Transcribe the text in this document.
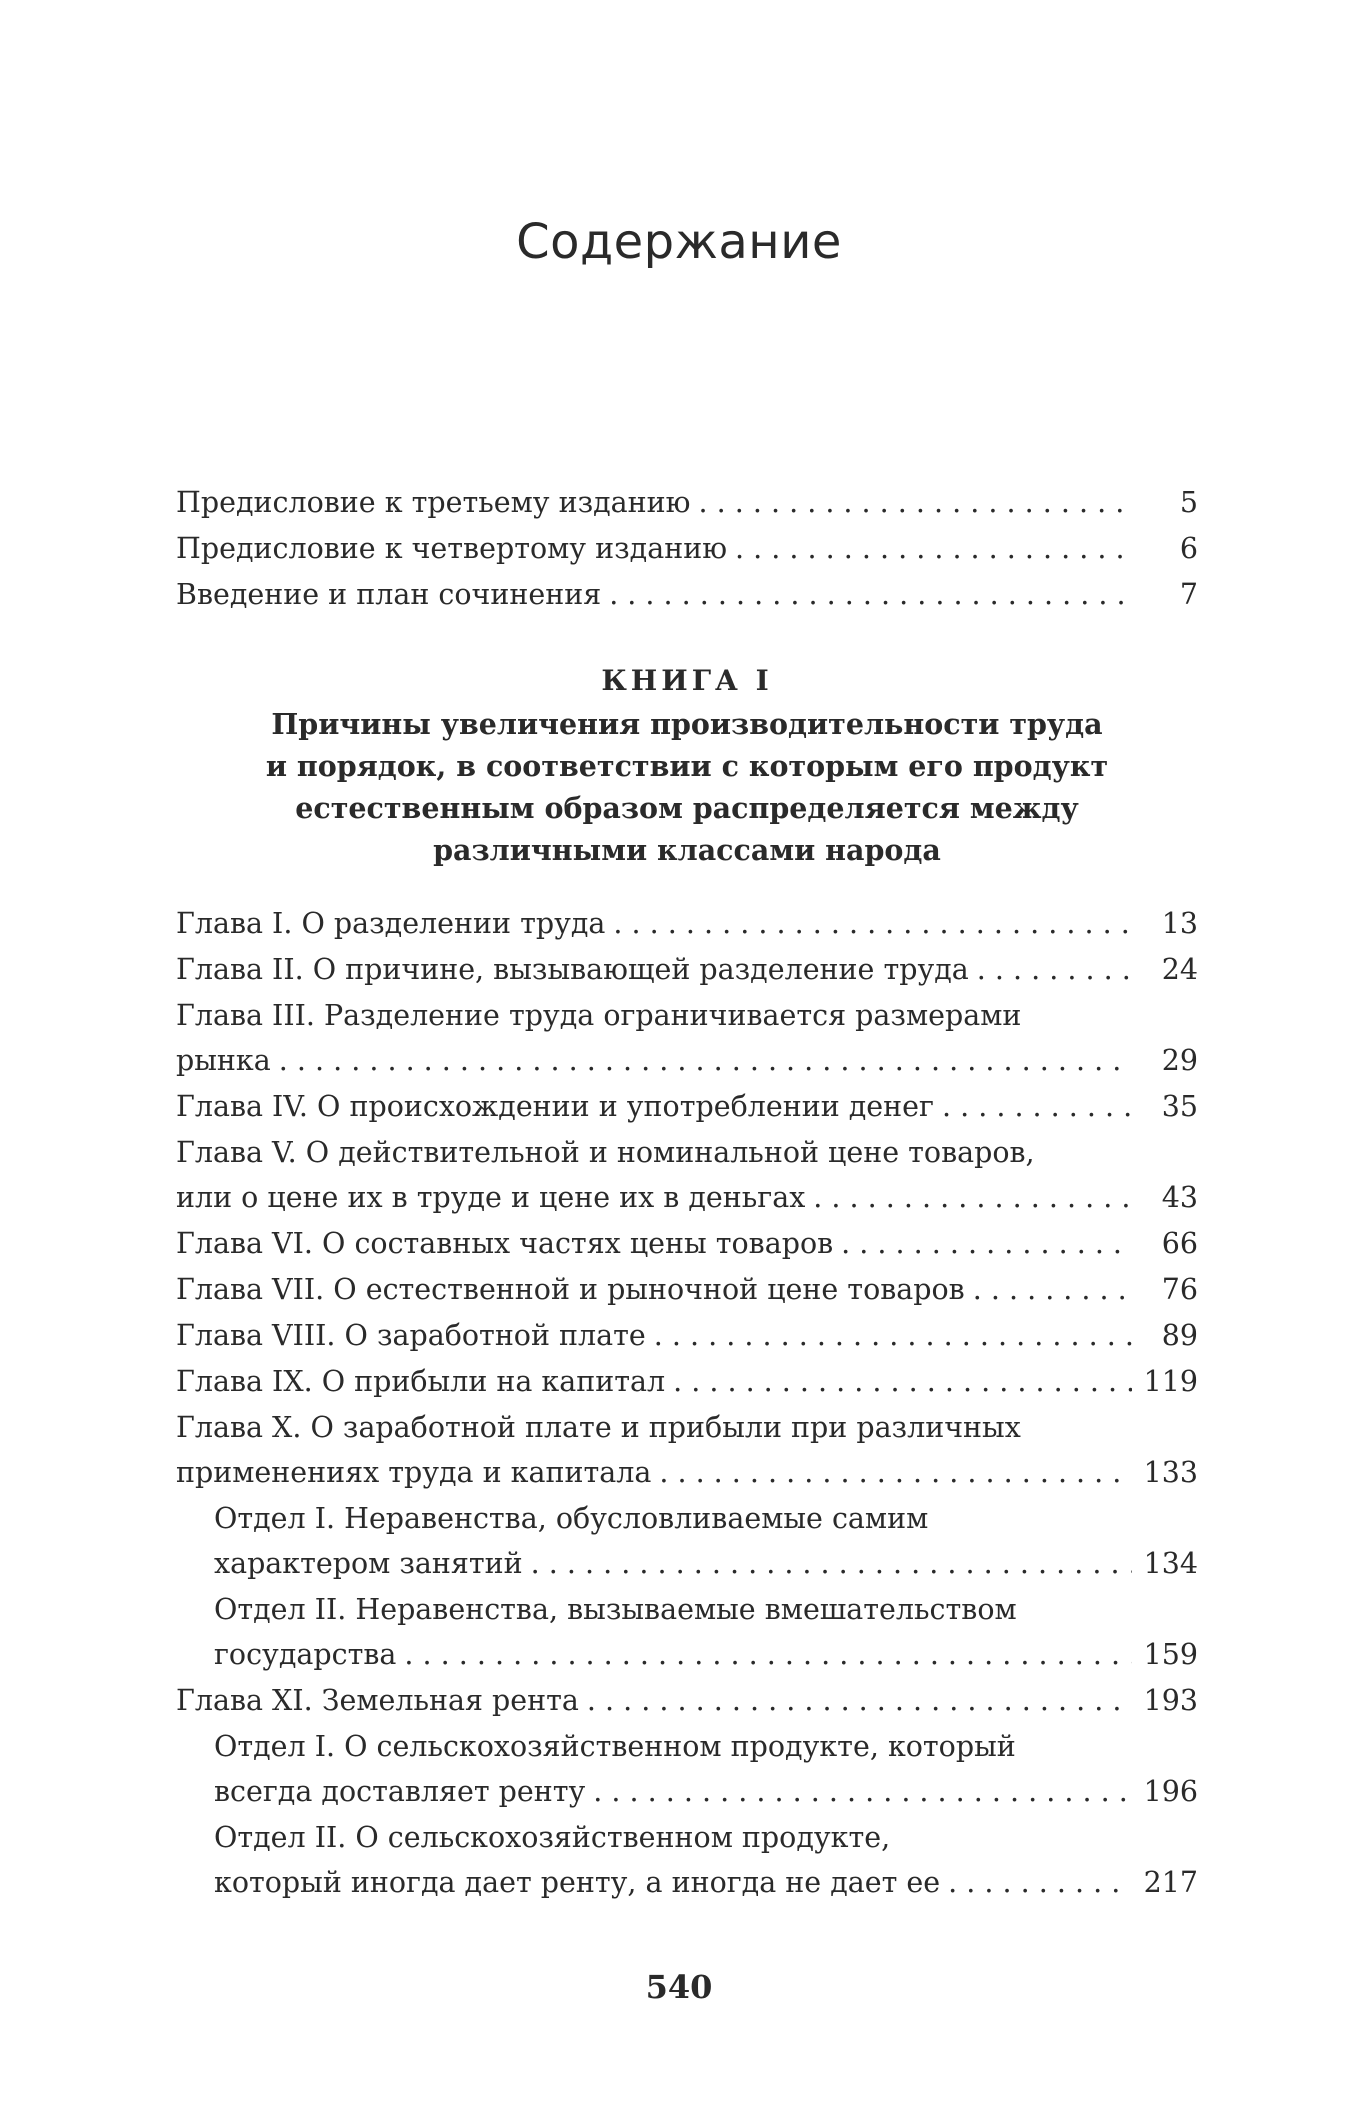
Содержание
Предисловие к третьему изданию . . .	5
Предисловие к четвертому изданию . . .	6
Введение и план сочинения . . .	7
КНИГА I
Причины увеличения производительности труда
и порядок, в соответствии с которым его продукт
естественным образом распределяется между
различными классами народа
Глава I. О разделении труда . . .	13
Глава II. О причине, вызывающей разделение труда . . .	24
Глава III. Разделение труда ограничивается размерами
рынка . . .	29
Глава IV. О происхождении и употреблении денег . . .	35
Глава V. О действительной и номинальной цене товаров,
или о цене их в труде и цене их в деньгах . . .	43
Глава VI. О составных частях цены товаров . . .	66
Глава VII. О естественной и рыночной цене товаров . . .	76
Глава VIII. О заработной плате . . .	89
Глава IX. О прибыли на капитал . . .	119
Глава X. О заработной плате и прибыли при различных
применениях труда и капитала . . .	133
Отдел I. Неравенства, обусловливаемые самим
характером занятий . . .	134
Отдел II. Неравенства, вызываемые вмешательством
государства . . .	159
Глава XI. Земельная рента . . .	193
Отдел I. О сельскохозяйственном продукте, который
всегда доставляет ренту . . .	196
Отдел II. О сельскохозяйственном продукте,
который иногда дает ренту, а иногда не дает ее . . .	217
540
